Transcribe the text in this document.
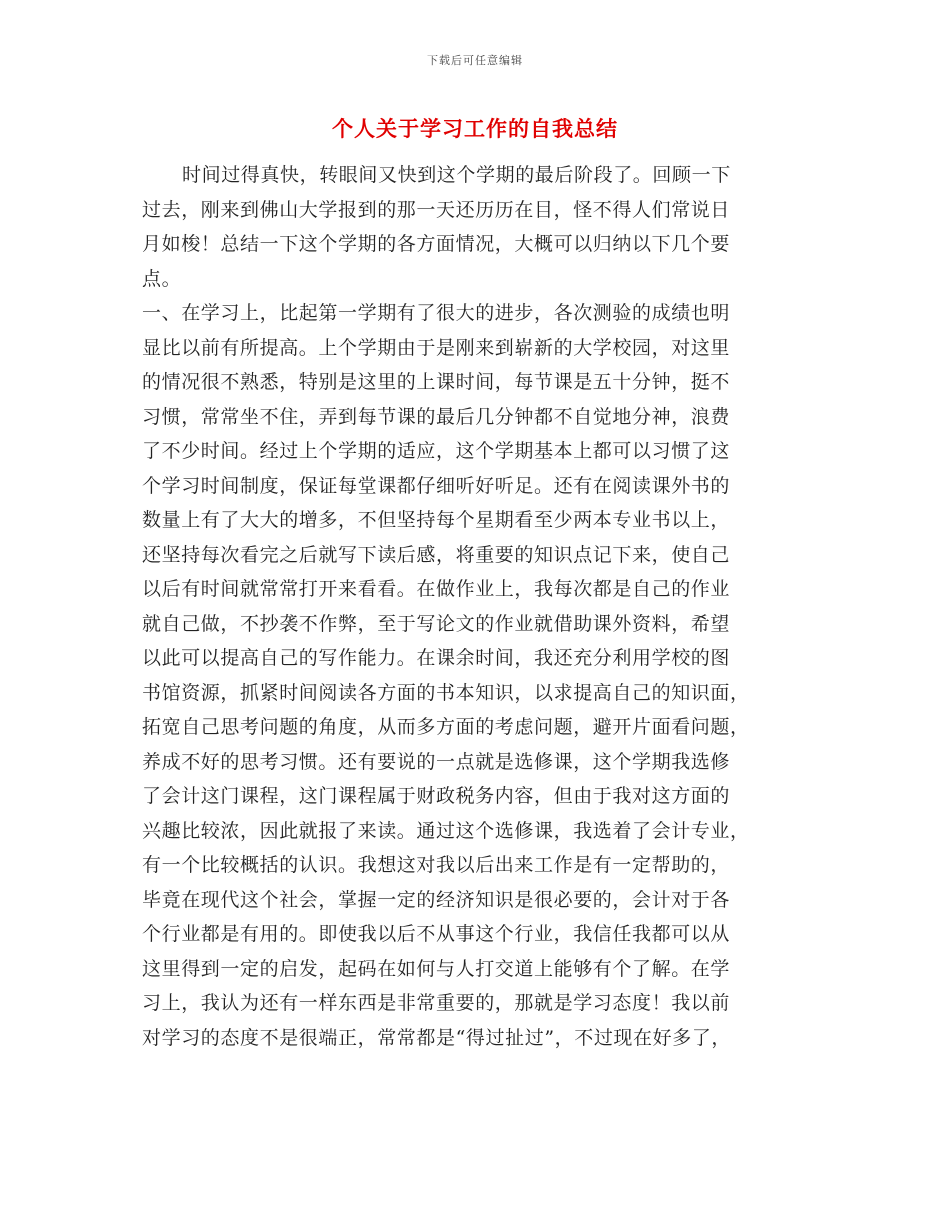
下载后可任意编辑
个人关于学习工作的自我总结
时间过得真快，转眼间又快到这个学期的最后阶段了。回顾一下
过去，刚来到佛山大学报到的那一天还历历在目，怪不得人们常说日
月如梭！总结一下这个学期的各方面情况，大概可以归纳以下几个要
点。
一、在学习上，比起第一学期有了很大的进步，各次测验的成绩也明
显比以前有所提高。上个学期由于是刚来到崭新的大学校园，对这里
的情况很不熟悉，特别是这里的上课时间，每节课是五十分钟，挺不
习惯，常常坐不住，弄到每节课的最后几分钟都不自觉地分神，浪费
了不少时间。经过上个学期的适应，这个学期基本上都可以习惯了这
个学习时间制度，保证每堂课都仔细听好听足。还有在阅读课外书的
数量上有了大大的增多，不但坚持每个星期看至少两本专业书以上，
还坚持每次看完之后就写下读后感，将重要的知识点记下来，使自己
以后有时间就常常打开来看看。在做作业上，我每次都是自己的作业
就自己做，不抄袭不作弊，至于写论文的作业就借助课外资料，希望
以此可以提高自己的写作能力。在课余时间，我还充分利用学校的图
书馆资源，抓紧时间阅读各方面的书本知识，以求提高自己的知识面，
拓宽自己思考问题的角度，从而多方面的考虑问题，避开片面看问题，
养成不好的思考习惯。还有要说的一点就是选修课，这个学期我选修
了会计这门课程，这门课程属于财政税务内容，但由于我对这方面的
兴趣比较浓，因此就报了来读。通过这个选修课，我选着了会计专业，
有一个比较概括的认识。我想这对我以后出来工作是有一定帮助的，
毕竟在现代这个社会，掌握一定的经济知识是很必要的，会计对于各
个行业都是有用的。即使我以后不从事这个行业，我信任我都可以从
这里得到一定的启发，起码在如何与人打交道上能够有个了解。在学
习上，我认为还有一样东西是非常重要的，那就是学习态度！我以前
对学习的态度不是很端正，常常都是“得过扯过”，不过现在好多了，
